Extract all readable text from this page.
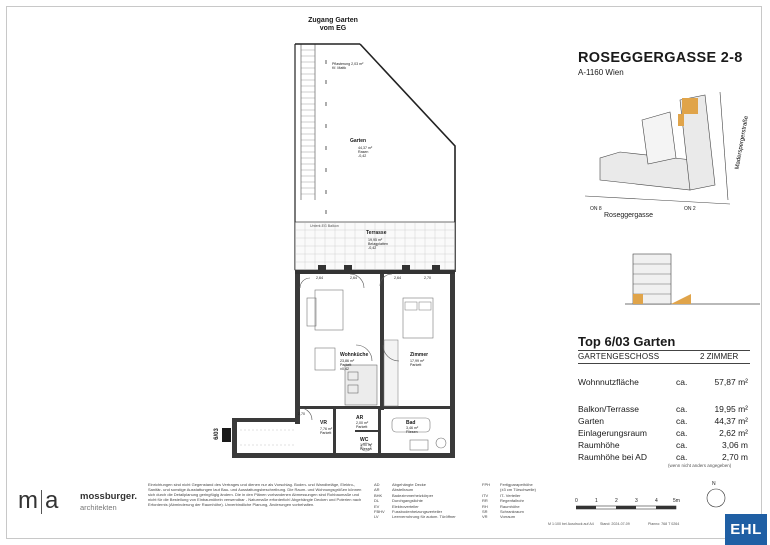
Zugang Garten
vom EG
Pflasterung 2,03 m²
Kf. Mattk
Garten
44,37 m²
Rasen
-0,42
Terrasse
19,95 m²
Belagplatten
-0,42
Unterk.EG Balkon
Wohnküche
23,86 m²
Parkett
±0,42
Zimmer
17,99 m²
Parkett
AR
2,00 m²
Parkett
VR
7,76 m²
Parkett
Bad
3,46 m²
Fliesen
WC
1,90 m²
Fliesen
6/03
2,64	2,64	2,64	2,70
2,70
ROSEGGERGASSE 2-8
A-1160 Wien
Maderspergerstraße
ON 8	ON 2
Roseggergasse
Top 6/03 Garten
GARTENGESCHOSS	2 ZIMMER
Wohnnutzfläche	ca.	57,87 m²
Balkon/Terrasse	ca.	19,95 m²
Garten	ca.	44,37 m²
Einlagerungsraum	ca.	2,62 m²
Raumhöhe	ca.	3,06 m
Raumhöhe bei AD	ca.	2,70 m
(wenn nicht anders angegeben)
m a mossburger.
architekten
Einrichtungen sind nicht Gegenstand des Vertrages und dienen nur als Vorschlag. Boden- und Wandbeläge, Elektro-, Sanitär- und sonstige Ausstattungen laut Bau- und Ausstattungsbeschreibung. Die Raum- und Wohnungsgrößen können sich durch die Detailplanung geringfügig ändern. Die in den Plänen vorhandenen Abmessungen sind Rohbaumaße und nicht für die Bestellung von Einbaumöbeln verwendbar - Naturmaße erforderlich! Abgehängte Decken und Poterien nach Erfordernis (Abminderung der Raumhöhe). Unverbindliche Planung, Änderungen vorbehalten.
AD	Abgehängte Decke
AR	Abstellraum
BHK Badezimmerheizkörper
DL	Durchgangslichte
EV	Elektroverteiler
FBHV Fussbodenheizungsverteiler
LV	Leerverrohrung für autom. Türöffner
FPH	Fertigparapethöhe
(±3 cm Türschwelle)
ITV	IT- Verteiler
RR	Regenfallrohr
RH	Raumhöhe
SR	Schrankraum
VR	Vorraum
0	1	2	3	4	5m
M 1:100 bei Ausdruck auf A4 Stand: 2024-07-09	Planno: 768 T 0264
N
EHL
